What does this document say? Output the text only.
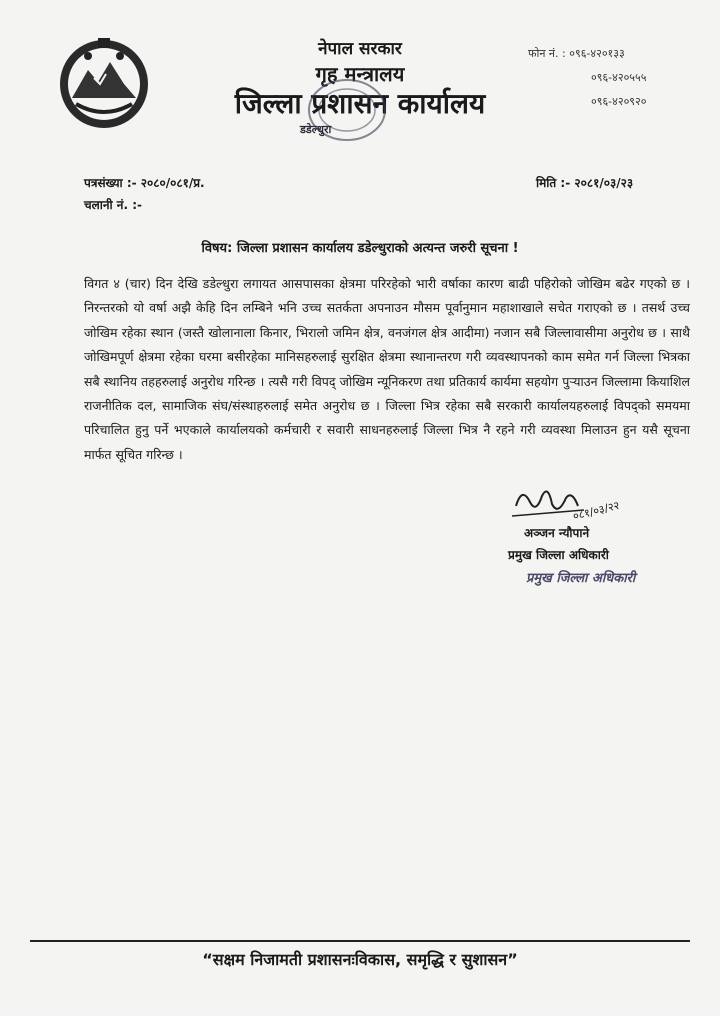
नेपाल सरकार
गृह मन्त्रालय
जिल्ला प्रशासन कार्यालय
डडेल्धुरा
फोन नं. : ०९६-४२०१३३
०९६-४२०५५५
०९६-४२०९२०
पत्रसंख्या :- २०८०/०८१/प्र.
चलानी नं. :-
मिति :- २०८१/०३/२३
विषय: जिल्ला प्रशासन कार्यालय डडेल्धुराको अत्यन्त जरुरी सूचना !
विगत ४ (चार) दिन देखि डडेल्धुरा लगायत आसपासका क्षेत्रमा परिरहेको भारी वर्षाका कारण बाढी पहिरोको जोखिम बढेर गएको छ । निरन्तरको यो वर्षा अझै केहि दिन लम्बिने भनि उच्च सतर्कता अपनाउन मौसम पूर्वानुमान महाशाखाले सचेत गराएको छ । तसर्थ उच्च जोखिम रहेका स्थान (जस्तै खोलानाला किनार, भिरालो जमिन क्षेत्र, वनजंगल क्षेत्र आदीमा) नजान सबै जिल्लावासीमा अनुरोध छ । साथै जोखिमपूर्ण क्षेत्रमा रहेका घरमा बसीरहेका मानिसहरुलाई सुरक्षित क्षेत्रमा स्थानान्तरण गरी व्यवस्थापनको काम समेत गर्न जिल्ला भित्रका सबै स्थानिय तहहरुलाई अनुरोध गरिन्छ । त्यसै गरी विपद् जोखिम न्यूनिकरण तथा प्रतिकार्य कार्यमा सहयोग पुर्‍याउन जिल्लामा कियाशिल राजनीतिक दल, सामाजिक संघ/संस्थाहरुलाई समेत अनुरोध छ । जिल्ला भित्र रहेका सबै सरकारी कार्यालयहरुलाई विपद्को समयमा परिचालित हुनु पर्ने भएकाले कार्यालयको कर्मचारी र सवारी साधनहरुलाई जिल्ला भित्र नै रहने गरी व्यवस्था मिलाउन हुन यसै सूचना मार्फत सूचित गरिन्छ ।
०८१/०३/२२
अञ्जन न्यौपाने
प्रमुख जिल्ला अधिकारी
प्रमुख जिल्ला अधिकारी
“सक्षम निजामती प्रशासनःविकास, समृद्धि र सुशासन”
